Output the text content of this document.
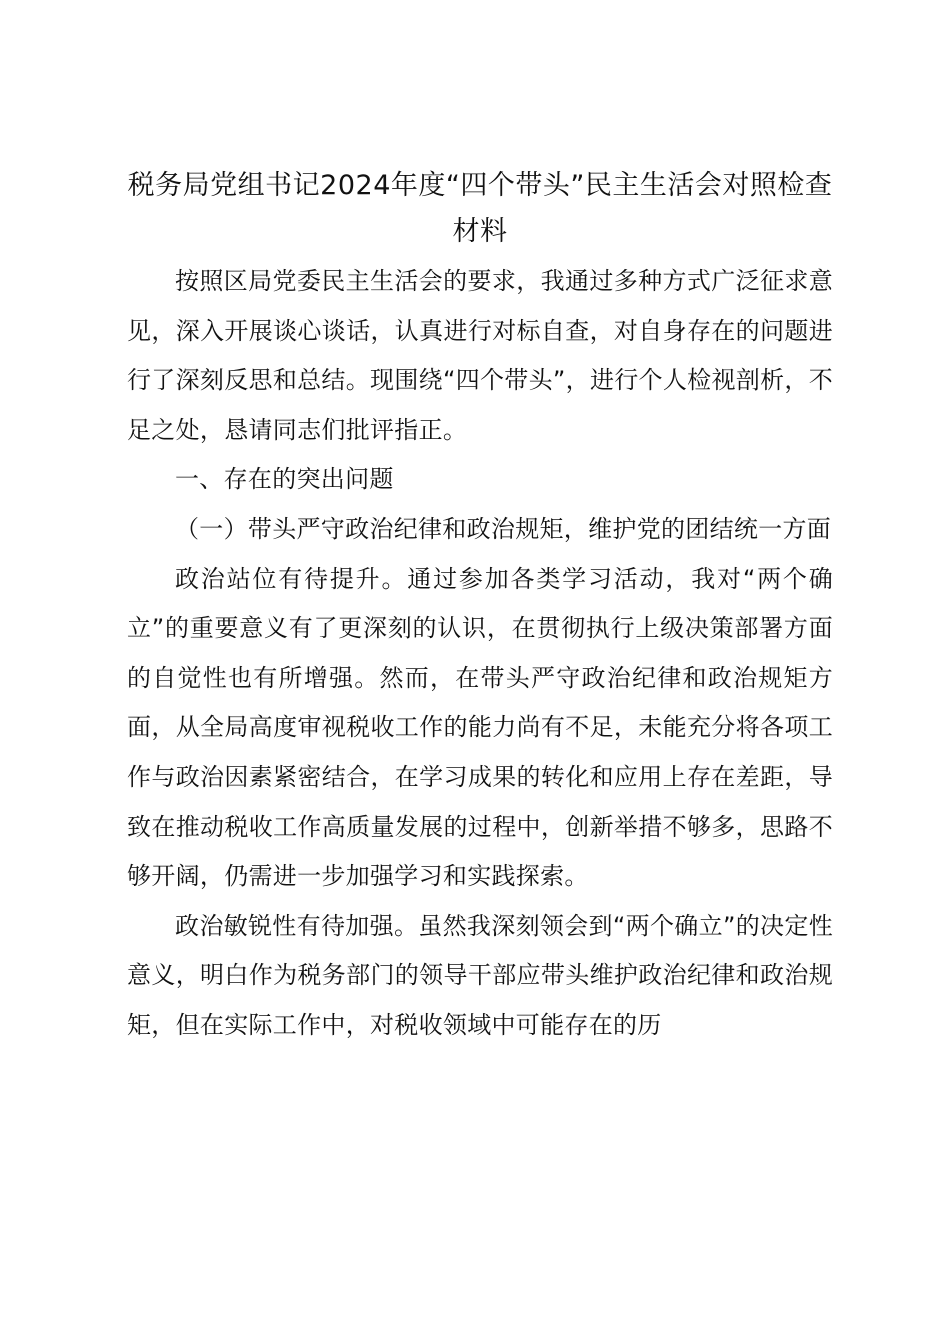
税务局党组书记2024年度“四个带头”民主生活会对照检查材料

按照区局党委民主生活会的要求，我通过多种方式广泛征求意见，深入开展谈心谈话，认真进行对标自查，对自身存在的问题进行了深刻反思和总结。现围绕“四个带头”，进行个人检视剖析，不足之处，恳请同志们批评指正。

一、存在的突出问题

（一）带头严守政治纪律和政治规矩，维护党的团结统一方面

政治站位有待提升。通过参加各类学习活动，我对“两个确立”的重要意义有了更深刻的认识，在贯彻执行上级决策部署方面的自觉性也有所增强。然而，在带头严守政治纪律和政治规矩方面，从全局高度审视税收工作的能力尚有不足，未能充分将各项工作与政治因素紧密结合，在学习成果的转化和应用上存在差距，导致在推动税收工作高质量发展的过程中，创新举措不够多，思路不够开阔，仍需进一步加强学习和实践探索。

政治敏锐性有待加强。虽然我深刻领会到“两个确立”的决定性意义，明白作为税务部门的领导干部应带头维护政治纪律和政治规矩，但在实际工作中，对税收领域中可能存在的历
